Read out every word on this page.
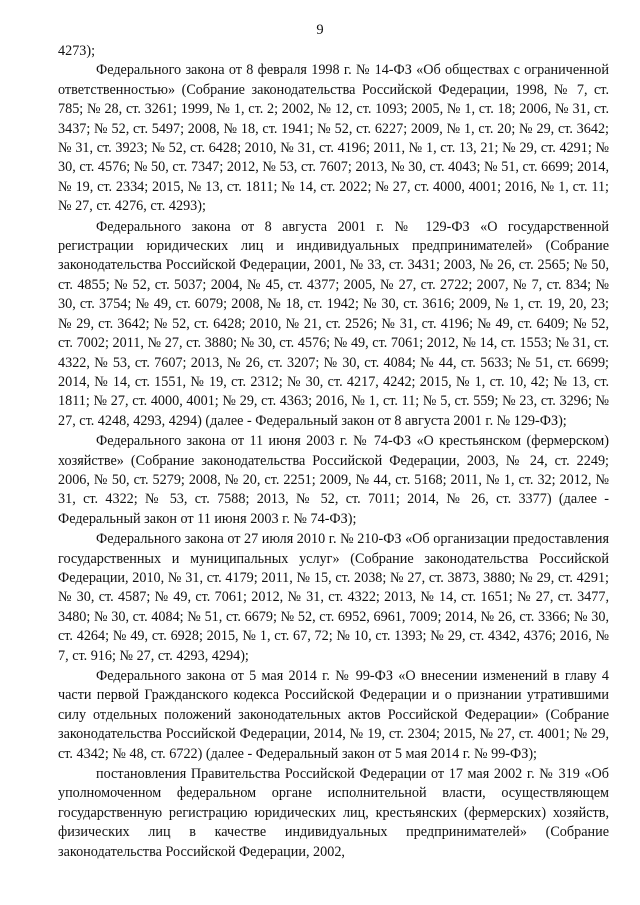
9

4273);

Федерального закона от 8 февраля 1998 г. № 14-ФЗ «Об обществах с ограниченной ответственностью» (Собрание законодательства Российской Федерации, 1998, № 7, ст. 785; № 28, ст. 3261; 1999, № 1, ст. 2; 2002, № 12, ст. 1093; 2005, № 1, ст. 18; 2006, № 31, ст. 3437; № 52, ст. 5497; 2008, № 18, ст. 1941; № 52, ст. 6227; 2009, № 1, ст. 20; № 29, ст. 3642; № 31, ст. 3923; № 52, ст. 6428; 2010, № 31, ст. 4196; 2011, № 1, ст. 13, 21; № 29, ст. 4291; № 30, ст. 4576; № 50, ст. 7347; 2012, № 53, ст. 7607; 2013, № 30, ст. 4043; № 51, ст. 6699; 2014, № 19, ст. 2334; 2015, № 13, ст. 1811; № 14, ст. 2022; № 27, ст. 4000, 4001; 2016, № 1, ст. 11; № 27, ст. 4276, ст. 4293);

Федерального закона от 8 августа 2001 г. № 129-ФЗ «О государственной регистрации юридических лиц и индивидуальных предпринимателей» (Собрание законодательства Российской Федерации, 2001, № 33, ст. 3431; 2003, № 26, ст. 2565; № 50, ст. 4855; № 52, ст. 5037; 2004, № 45, ст. 4377; 2005, № 27, ст. 2722; 2007, № 7, ст. 834; № 30, ст. 3754; № 49, ст. 6079; 2008, № 18, ст. 1942; № 30, ст. 3616; 2009, № 1, ст. 19, 20, 23; № 29, ст. 3642; № 52, ст. 6428; 2010, № 21, ст. 2526; № 31, ст. 4196; № 49, ст. 6409; № 52, ст. 7002; 2011, № 27, ст. 3880; № 30, ст. 4576; № 49, ст. 7061; 2012, № 14, ст. 1553; № 31, ст. 4322, № 53, ст. 7607; 2013, № 26, ст. 3207; № 30, ст. 4084; № 44, ст. 5633; № 51, ст. 6699; 2014, № 14, ст. 1551, № 19, ст. 2312; № 30, ст. 4217, 4242; 2015, № 1, ст. 10, 42; № 13, ст. 1811; № 27, ст. 4000, 4001; № 29, ст. 4363; 2016, № 1, ст. 11; № 5, ст. 559; № 23, ст. 3296; № 27, ст. 4248, 4293, 4294) (далее - Федеральный закон от 8 августа 2001 г. № 129-ФЗ);

Федерального закона от 11 июня 2003 г. № 74-ФЗ «О крестьянском (фермерском) хозяйстве» (Собрание законодательства Российской Федерации, 2003, № 24, ст. 2249; 2006, № 50, ст. 5279; 2008, № 20, ст. 2251; 2009, № 44, ст. 5168; 2011, № 1, ст. 32; 2012, № 31, ст. 4322; № 53, ст. 7588; 2013, № 52, ст. 7011; 2014, № 26, ст. 3377) (далее - Федеральный закон от 11 июня 2003 г. № 74-ФЗ);

Федерального закона от 27 июля 2010 г. № 210-ФЗ «Об организации предоставления государственных и муниципальных услуг» (Собрание законодательства Российской Федерации, 2010, № 31, ст. 4179; 2011, № 15, ст. 2038; № 27, ст. 3873, 3880; № 29, ст. 4291; № 30, ст. 4587; № 49, ст. 7061; 2012, № 31, ст. 4322; 2013, № 14, ст. 1651; № 27, ст. 3477, 3480; № 30, ст. 4084; № 51, ст. 6679; № 52, ст. 6952, 6961, 7009; 2014, № 26, ст. 3366; № 30, ст. 4264; № 49, ст. 6928; 2015, № 1, ст. 67, 72; № 10, ст. 1393; № 29, ст. 4342, 4376; 2016, № 7, ст. 916; № 27, ст. 4293, 4294);

Федерального закона от 5 мая 2014 г. № 99-ФЗ «О внесении изменений в главу 4 части первой Гражданского кодекса Российской Федерации и о признании утратившими силу отдельных положений законодательных актов Российской Федерации» (Собрание законодательства Российской Федерации, 2014, № 19, ст. 2304; 2015, № 27, ст. 4001; № 29, ст. 4342; № 48, ст. 6722) (далее - Федеральный закон от 5 мая 2014 г. № 99-ФЗ);

постановления Правительства Российской Федерации от 17 мая 2002 г. № 319 «Об уполномоченном федеральном органе исполнительной власти, осуществляющем государственную регистрацию юридических лиц, крестьянских (фермерских) хозяйств, физических лиц в качестве индивидуальных предпринимателей» (Собрание законодательства Российской Федерации, 2002,
